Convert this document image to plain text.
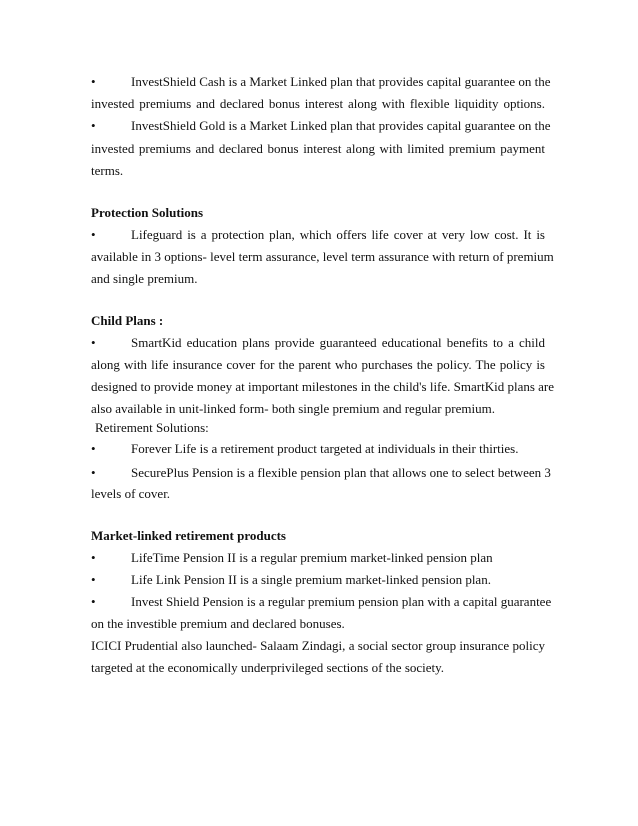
•	InvestShield Cash is a Market Linked plan that provides capital guarantee on the
invested premiums and declared bonus interest along with flexible liquidity options.
•	InvestShield Gold is a Market Linked plan that provides capital guarantee on the
invested premiums and declared bonus interest along with limited premium payment
terms.
Protection Solutions
•	Lifeguard is a protection plan, which offers life cover at very low cost. It is
available in 3 options- level term assurance, level term assurance with return of premium
and single premium.
Child Plans :
•	SmartKid education plans provide guaranteed educational benefits to a child
along with life insurance cover for the parent who purchases the policy. The policy is
designed to provide money at important milestones in the child's life. SmartKid plans are
also available in unit-linked form- both single premium and regular premium.
Retirement Solutions:
•	Forever Life is a retirement product targeted at individuals in their thirties.
•	SecurePlus Pension is a flexible pension plan that allows one to select between 3
levels of cover.
Market-linked retirement products
•	LifeTime Pension II is a regular premium market-linked pension plan
•	Life Link Pension II is a single premium market-linked pension plan.
•	Invest Shield Pension is a regular premium pension plan with a capital guarantee
on the investible premium and declared bonuses.
ICICI Prudential also launched- Salaam Zindagi, a social sector group insurance policy
targeted at the economically underprivileged sections of the society.
